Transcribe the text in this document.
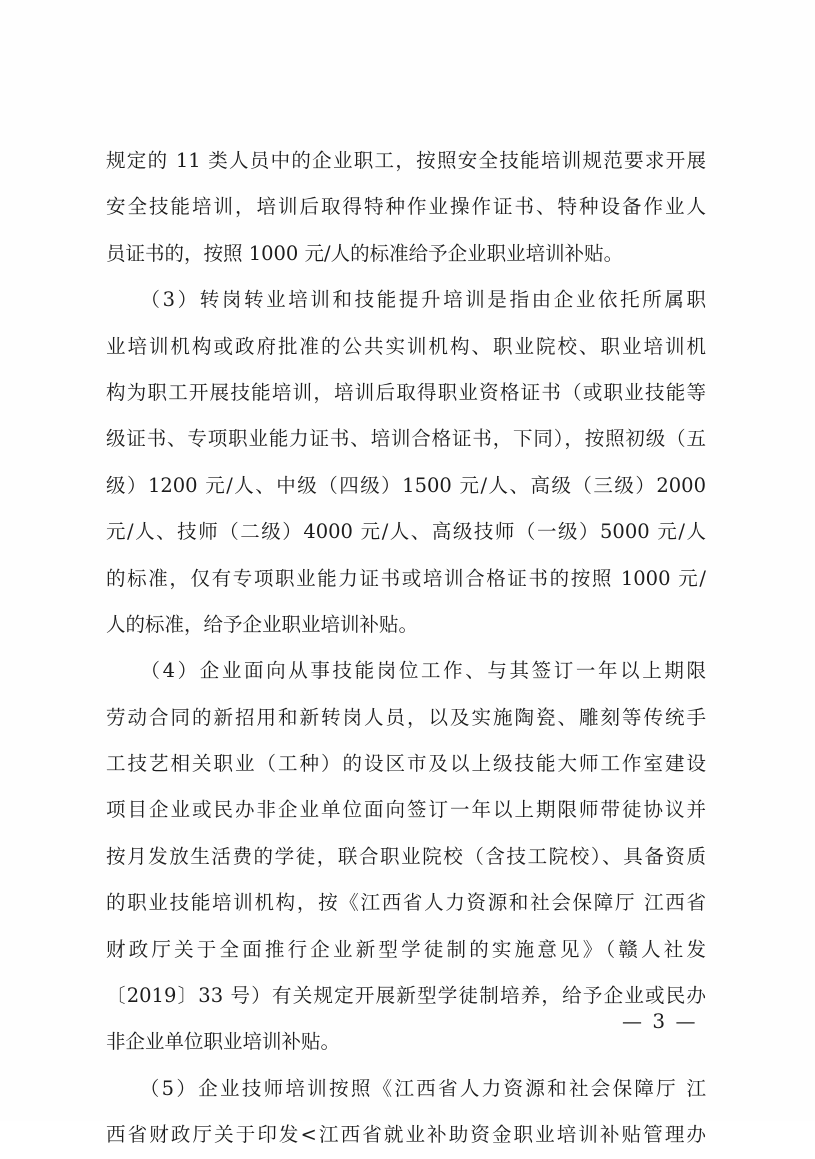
规定的 11 类人员中的企业职工，按照安全技能培训规范要求开展
安全技能培训，培训后取得特种作业操作证书、特种设备作业人
员证书的，按照 1000 元/人的标准给予企业职业培训补贴。
　　（3）转岗转业培训和技能提升培训是指由企业依托所属职
业培训机构或政府批准的公共实训机构、职业院校、职业培训机
构为职工开展技能培训，培训后取得职业资格证书（或职业技能等
级证书、专项职业能力证书、培训合格证书，下同），按照初级（五
级）1200 元/人、中级（四级）1500 元/人、高级（三级）2000
元/人、技师（二级）4000 元/人、高级技师（一级）5000 元/人
的标准，仅有专项职业能力证书或培训合格证书的按照 1000 元/
人的标准，给予企业职业培训补贴。
　　（4）企业面向从事技能岗位工作、与其签订一年以上期限
劳动合同的新招用和新转岗人员，以及实施陶瓷、雕刻等传统手
工技艺相关职业（工种）的设区市及以上级技能大师工作室建设
项目企业或民办非企业单位面向签订一年以上期限师带徒协议并
按月发放生活费的学徒，联合职业院校（含技工院校）、具备资质
的职业技能培训机构，按《江西省人力资源和社会保障厅 江西省
财政厅关于全面推行企业新型学徒制的实施意见》（赣人社发
〔2019〕33 号）有关规定开展新型学徒制培养，给予企业或民办
非企业单位职业培训补贴。
　　（5）企业技师培训按照《江西省人力资源和社会保障厅 江
西省财政厅关于印发<江西省就业补助资金职业培训补贴管理办
— 3 —
